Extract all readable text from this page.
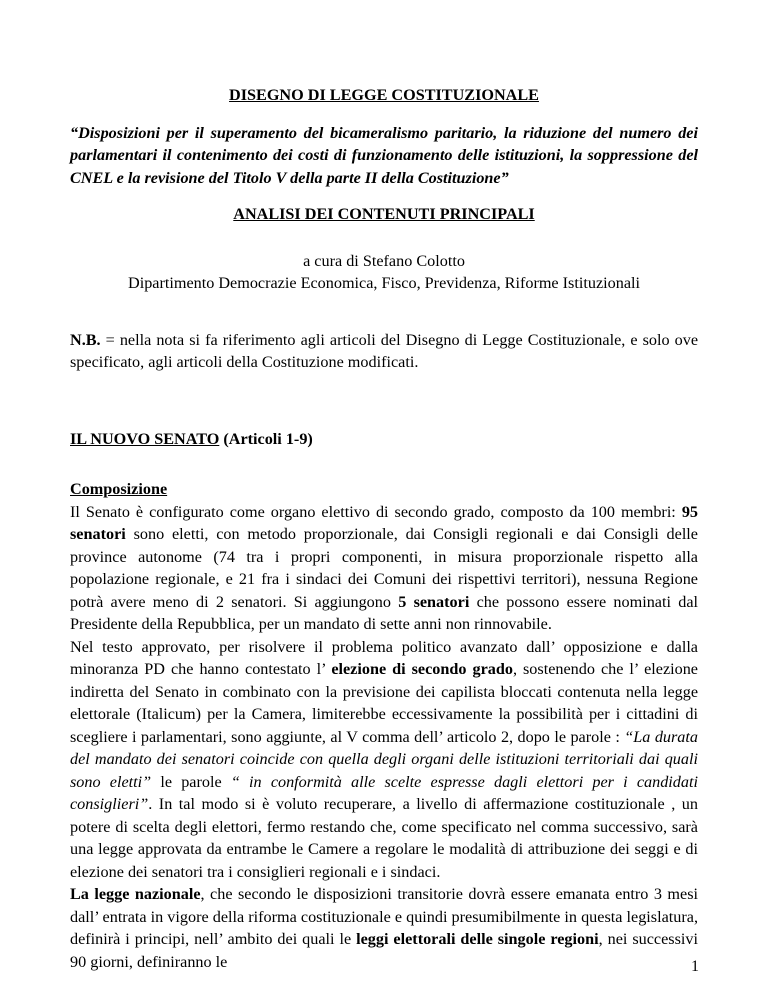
DISEGNO DI LEGGE COSTITUZIONALE

“Disposizioni per il superamento del bicameralismo paritario, la riduzione del numero dei parlamentari il contenimento dei costi di funzionamento delle istituzioni, la soppressione del CNEL e la revisione del Titolo V della parte II della Costituzione”

ANALISI DEI CONTENUTI PRINCIPALI

a cura di Stefano Colotto
Dipartimento Democrazie Economica, Fisco, Previdenza, Riforme Istituzionali

N.B. = nella nota si fa riferimento agli articoli del Disegno di Legge Costituzionale, e solo ove specificato, agli articoli della Costituzione modificati.

IL NUOVO SENATO (Articoli 1-9)

Composizione

Il Senato è configurato come organo elettivo di secondo grado, composto da 100 membri: 95 senatori sono eletti, con metodo proporzionale, dai Consigli regionali e dai Consigli delle province autonome (74 tra i propri componenti, in misura proporzionale rispetto alla popolazione regionale, e 21 fra i sindaci dei Comuni dei rispettivi territori), nessuna Regione potrà avere meno di 2 senatori. Si aggiungono 5 senatori che possono essere nominati dal Presidente della Repubblica, per un mandato di sette anni non rinnovabile.

Nel testo approvato, per risolvere il problema politico avanzato dall’ opposizione e dalla minoranza PD che hanno contestato l’ elezione di secondo grado, sostenendo che l’ elezione indiretta del Senato in combinato con la previsione dei capilista bloccati contenuta nella legge elettorale (Italicum) per la Camera, limiterebbe eccessivamente la possibilità per i cittadini di scegliere i parlamentari, sono aggiunte, al V comma dell’ articolo 2, dopo le parole : “La durata del mandato dei senatori coincide con quella degli organi delle istituzioni territoriali dai quali sono eletti” le parole “ in conformità alle scelte espresse dagli elettori per i candidati consiglieri”. In tal modo si è voluto recuperare, a livello di affermazione costituzionale , un potere di scelta degli elettori, fermo restando che, come specificato nel comma successivo, sarà una legge approvata da entrambe le Camere a regolare le modalità di attribuzione dei seggi e di elezione dei senatori tra i consiglieri regionali e i sindaci.

La legge nazionale, che secondo le disposizioni transitorie dovrà essere emanata entro 3 mesi dall’ entrata in vigore della riforma costituzionale e quindi presumibilmente in questa legislatura, definirà i principi, nell’ ambito dei quali le leggi elettorali delle singole regioni, nei successivi 90 giorni, definiranno le	1
